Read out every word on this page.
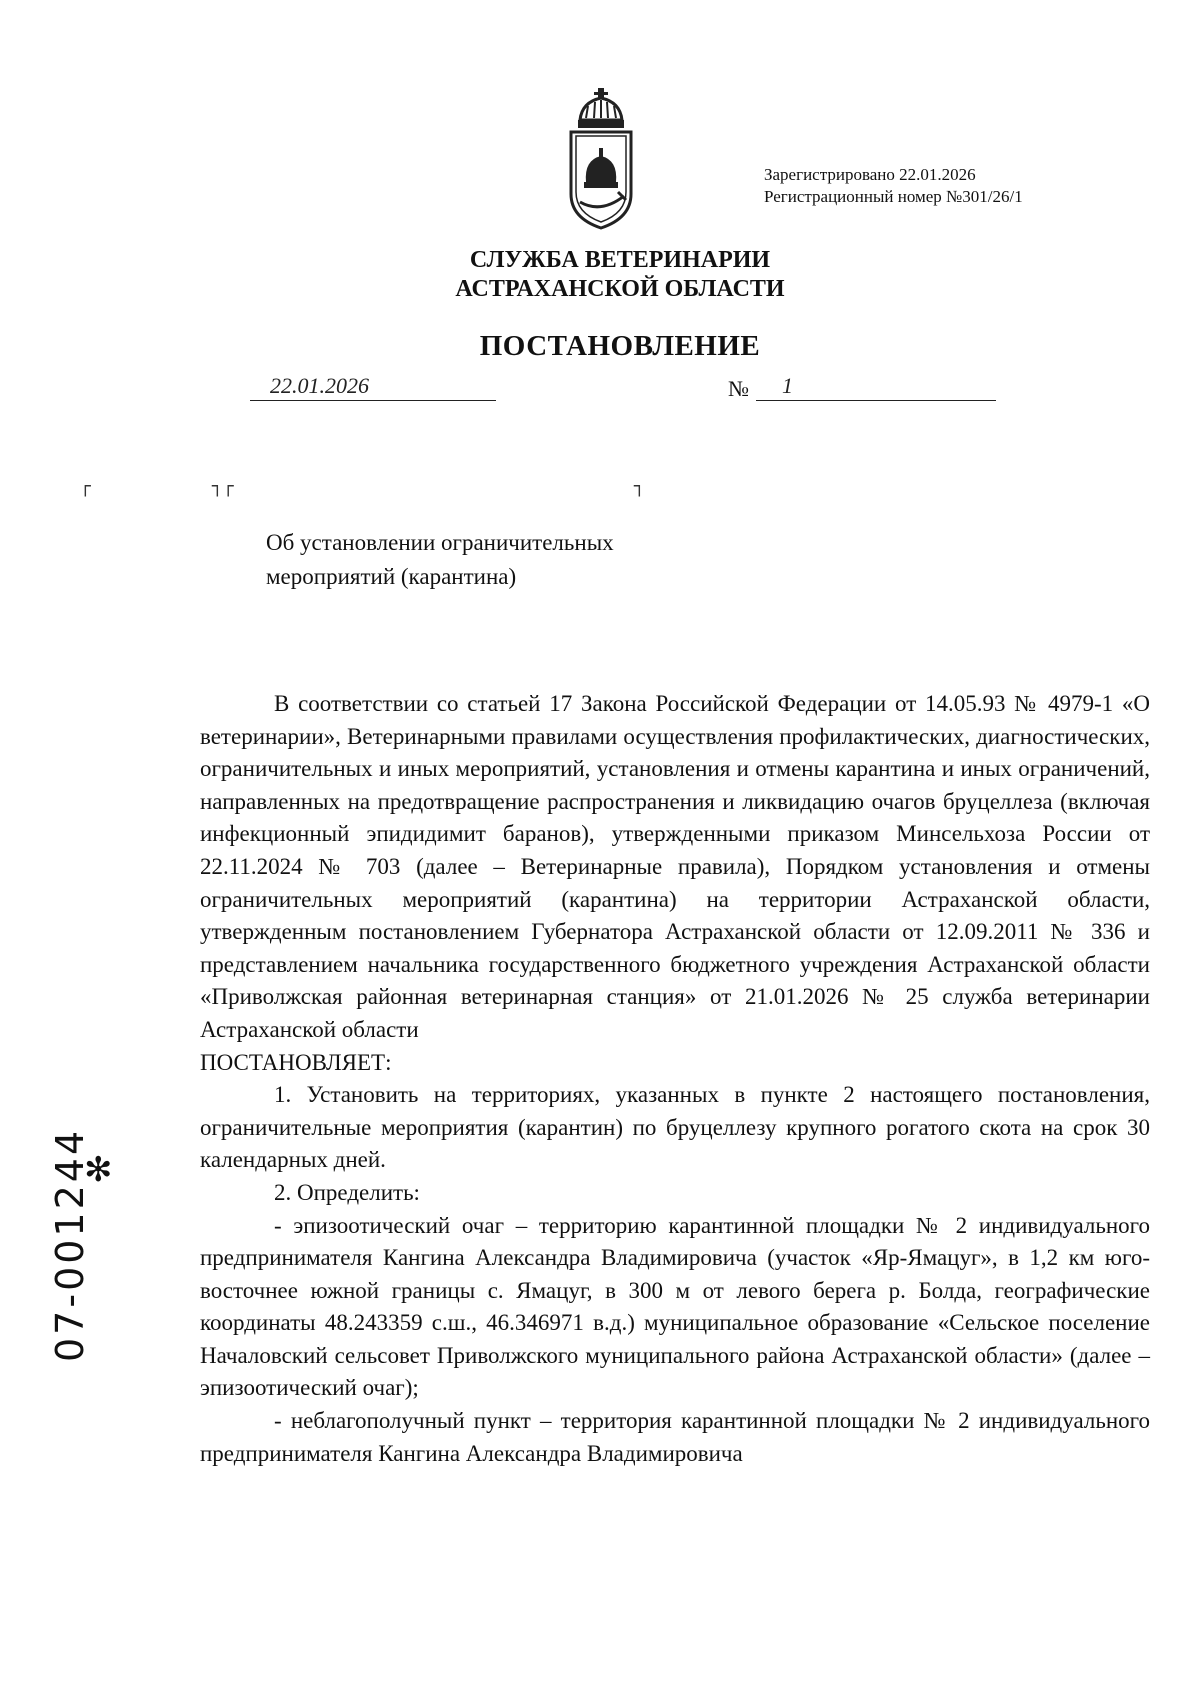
Зарегистрировано 22.01.2026
Регистрационный номер №301/26/1
СЛУЖБА ВЕТЕРИНАРИИ
АСТРАХАНСКОЙ ОБЛАСТИ
ПОСТАНОВЛЕНИЕ
22.01.2026	№	1
┌	┐┌	┐
Об установлении ограничительных
мероприятий (карантина)

В соответствии со статьей 17 Закона Российской Федерации от 14.05.93 № 4979-1 «О ветеринарии», Ветеринарными правилами осуществления профилактических, диагностических, ограничительных и иных мероприятий, установления и отмены карантина и иных ограничений, направленных на предотвращение распространения и ликвидацию очагов бруцеллеза (включая инфекционный эпидидимит баранов), утвержденными приказом Минсельхоза России от 22.11.2024 № 703 (далее – Ветеринарные правила), Порядком установления и отмены ограничительных мероприятий (карантина) на территории Астраханской области, утвержденным постановлением Губернатора Астраханской области от 12.09.2011 № 336 и представлением начальника государственного бюджетного учреждения Астраханской области «Приволжская районная ветеринарная станция» от 21.01.2026 № 25 служба ветеринарии Астраханской области

ПОСТАНОВЛЯЕТ:

1. Установить на территориях, указанных в пункте 2 настоящего постановления, ограничительные мероприятия (карантин) по бруцеллезу крупного рогатого скота на срок 30 календарных дней.

2. Определить:

- эпизоотический очаг – территорию карантинной площадки № 2 индивидуального предпринимателя Кангина Александра Владимировича (участок «Яр-Ямацуг», в 1,2 км юго-восточнее южной границы с. Ямацуг, в 300 м от левого берега р. Болда, географические координаты 48.243359 с.ш., 46.346971 в.д.) муниципальное образование «Сельское поселение Началовский сельсовет Приволжского муниципального района Астраханской области» (далее – эпизоотический очаг);

- неблагополучный пункт – территория карантинной площадки № 2 индивидуального предпринимателя Кангина Александра Владимировича

✻
07-001244
